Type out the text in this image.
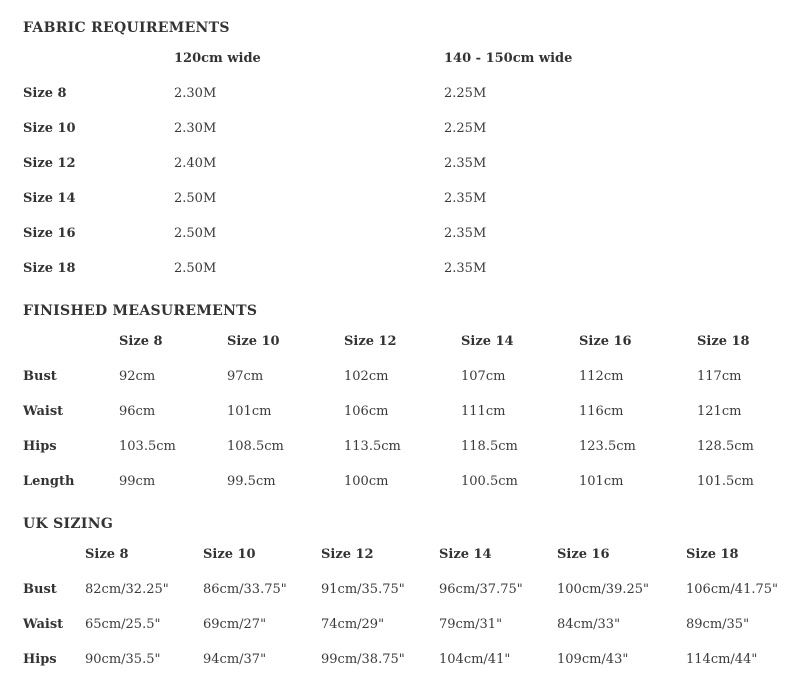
FABRIC REQUIREMENTS
	120cm wide	140 - 150cm wide
Size 8	2.30M	2.25M
Size 10	2.30M	2.25M
Size 12	2.40M	2.35M
Size 14	2.50M	2.35M
Size 16	2.50M	2.35M
Size 18	2.50M	2.35M
FINISHED MEASUREMENTS
	Size 8	Size 10	Size 12	Size 14	Size 16	Size 18
Bust	92cm	97cm	102cm	107cm	112cm	117cm
Waist	96cm	101cm	106cm	111cm	116cm	121cm
Hips	103.5cm	108.5cm	113.5cm	118.5cm	123.5cm	128.5cm
Length	99cm	99.5cm	100cm	100.5cm	101cm	101.5cm
UK SIZING
	Size 8	Size 10	Size 12	Size 14	Size 16	Size 18
Bust	82cm/32.25"	86cm/33.75"	91cm/35.75"	96cm/37.75"	100cm/39.25"	106cm/41.75"
Waist	65cm/25.5"	69cm/27"	74cm/29"	79cm/31"	84cm/33"	89cm/35"
Hips	90cm/35.5"	94cm/37"	99cm/38.75"	104cm/41"	109cm/43"	114cm/44"
